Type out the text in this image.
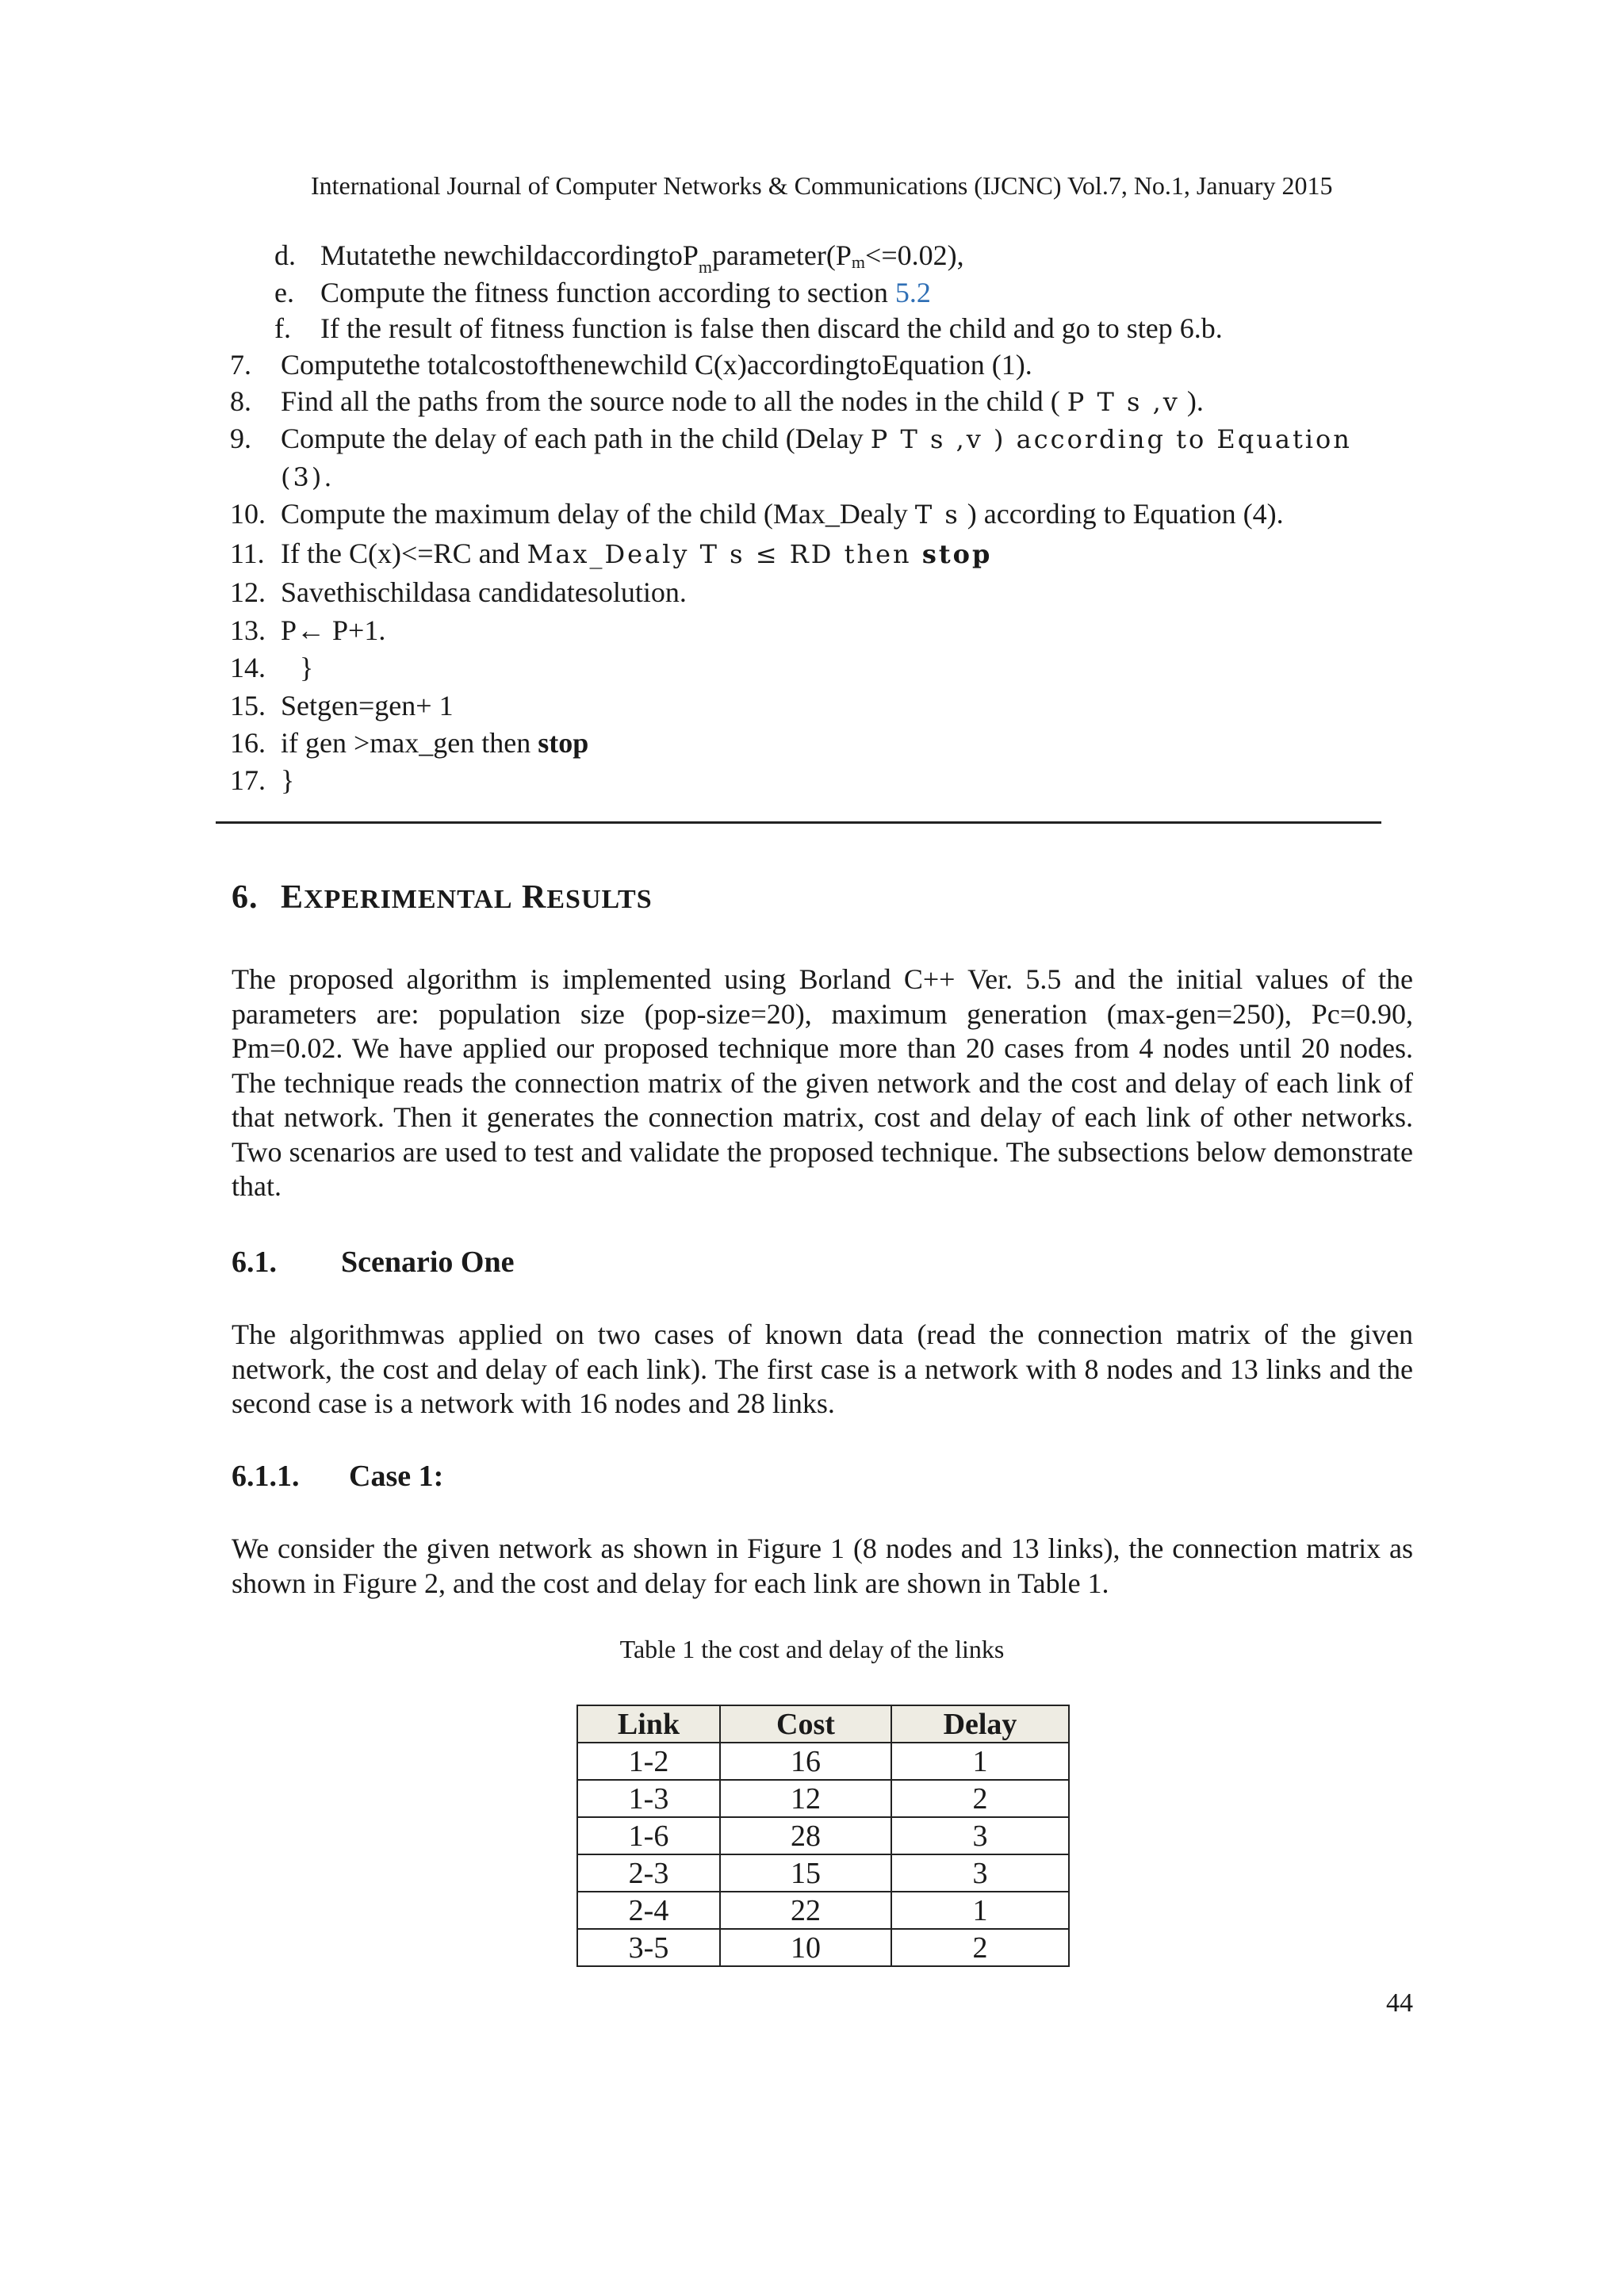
International Journal of Computer Networks & Communications (IJCNC) Vol.7, No.1, January 2015
d. Mutatethe newchildaccordingtoP$_m$parameter(Pm<=0.02),
e. Compute the fitness function according to section 5.2
f. If the result of fitness function is false then discard the child and go to step 6.b.
7. Computethe totalcostofthenewchild C(x)accordingtoEquation (1).
8. Find all the paths from the source node to all the nodes in the child ( P T s ,v ).
9. Compute the delay of each path in the child (Delay P T s ,v ) according to Equation
(3).
10. Compute the maximum delay of the child (Max_Dealy T s ) according to Equation (4).
11. If the C(x)<=RC and Max_Dealy T s ≤ RD then stop
12. Savethischildasa candidatesolution.
13. P← P+1.
14. }
15. Setgen=gen+ 1
16. if gen >max_gen then stop
17. }
6. EXPERIMENTAL RESULTS
The proposed algorithm is implemented using Borland C++ Ver. 5.5 and the initial values of the parameters are: population size (pop-size=20), maximum generation (max-gen=250), Pc=0.90, Pm=0.02. We have applied our proposed technique more than 20 cases from 4 nodes until 20 nodes. The technique reads the connection matrix of the given network and the cost and delay of each link of that network. Then it generates the connection matrix, cost and delay of each link of other networks. Two scenarios are used to test and validate the proposed technique. The subsections below demonstrate that.
6.1. Scenario One
The algorithmwas applied on two cases of known data (read the connection matrix of the given network, the cost and delay of each link). The first case is a network with 8 nodes and 13 links and the second case is a network with 16 nodes and 28 links.
6.1.1. Case 1:
We consider the given network as shown in Figure 1 (8 nodes and 13 links), the connection matrix as shown in Figure 2, and the cost and delay for each link are shown in Table 1.
Table 1 the cost and delay of the links
Link	Cost	Delay
1-2	16	1
1-3	12	2
1-6	28	3
2-3	15	3
2-4	22	1
3-5	10	2
44
